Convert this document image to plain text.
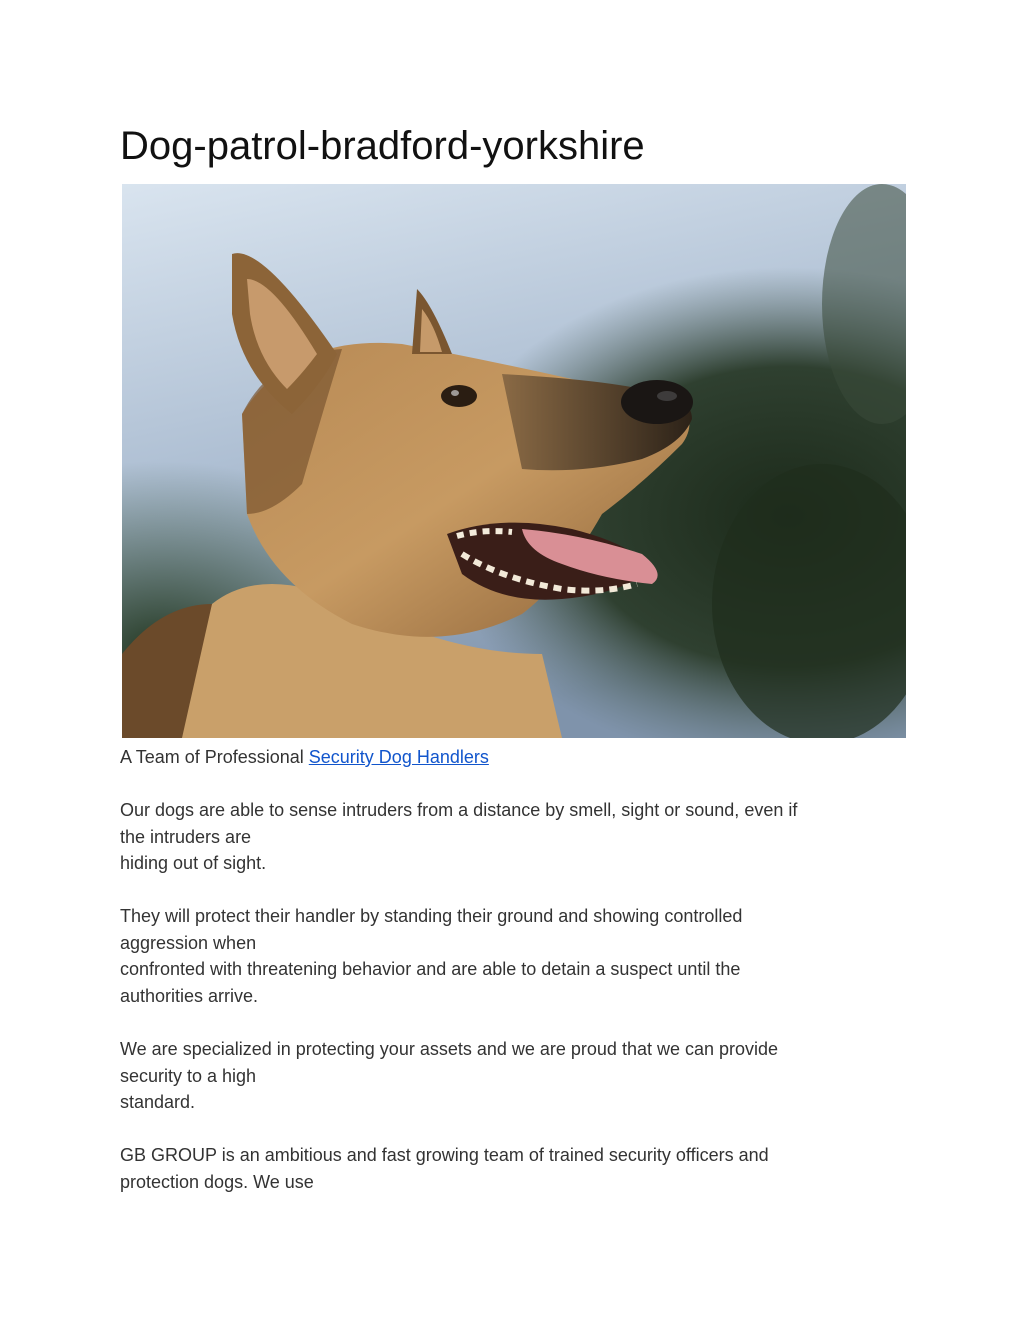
Dog-patrol-bradford-yorkshire
A Team of Professional Security Dog Handlers

Our dogs are able to sense intruders from a distance by smell, sight or sound, even if

the intruders are

hiding out of sight.

They will protect their handler by standing their ground and showing controlled

aggression when

confronted with threatening behavior and are able to detain a suspect until the

authorities arrive.

We are specialized in protecting your assets and we are proud that we can provide

security to a high

standard.

GB GROUP is an ambitious and fast growing team of trained security officers and

protection dogs. We use
